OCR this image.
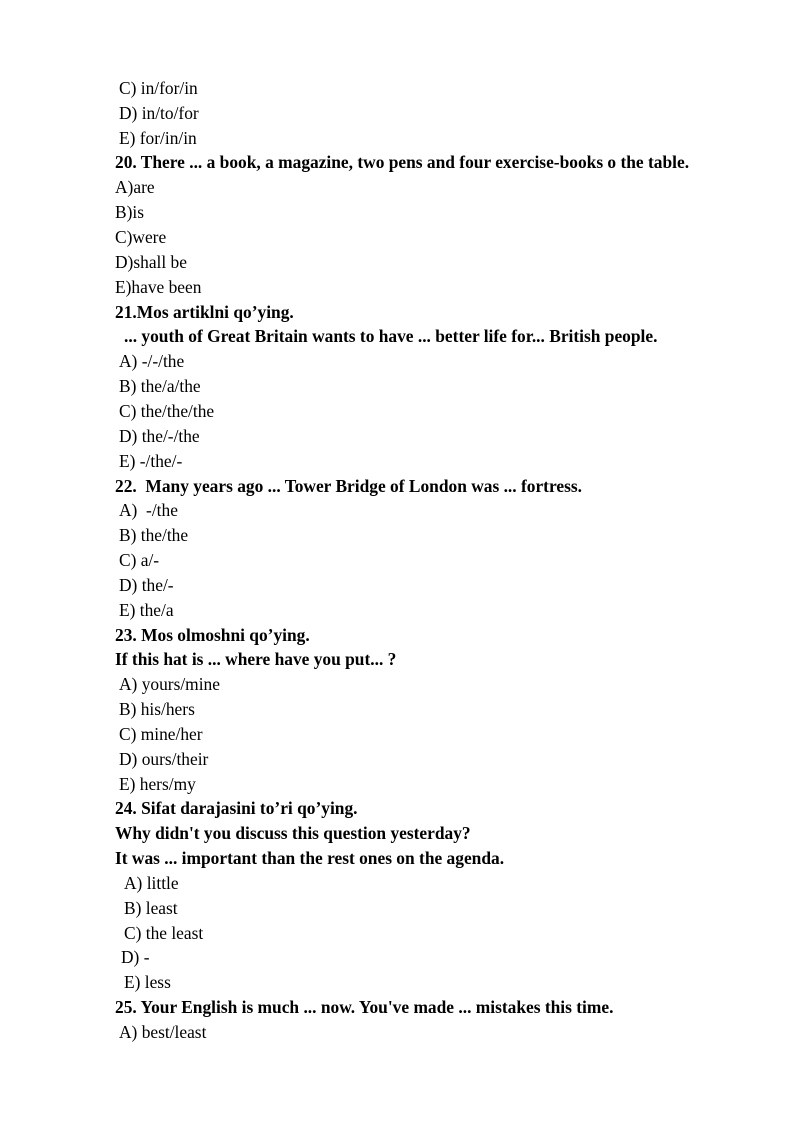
C) in/for/in
D) in/to/for
E) for/in/in
20. There ... a book, a magazine, two pens and four exercise-books o the table.
A)are
B)is
C)were
D)shall be
E)have been
21.Mos artiklni qo’ying.
... youth of Great Britain wants to have ... better life for... British people.
A) -/-/the
B) the/a/the
C) the/the/the
D) the/-/the
E) -/the/-
22.  Many years ago ... Tower Bridge of London was ... fortress.
A)  -/the
B) the/the
C) a/-
D) the/-
E) the/a
23. Mos olmoshni qo’ying.
If this hat is ... where have you put... ?
A) yours/mine
B) his/hers
C) mine/her
D) ours/their
E) hers/my
24. Sifat darajasini to’ri qo’ying.
Why didn't you discuss this question yesterday?
It was ... important than the rest ones on the agenda.
A) little
B) least
C) the least
D) -
E) less
25. Your English is much ... now. You've made ... mistakes this time.
A) best/least
